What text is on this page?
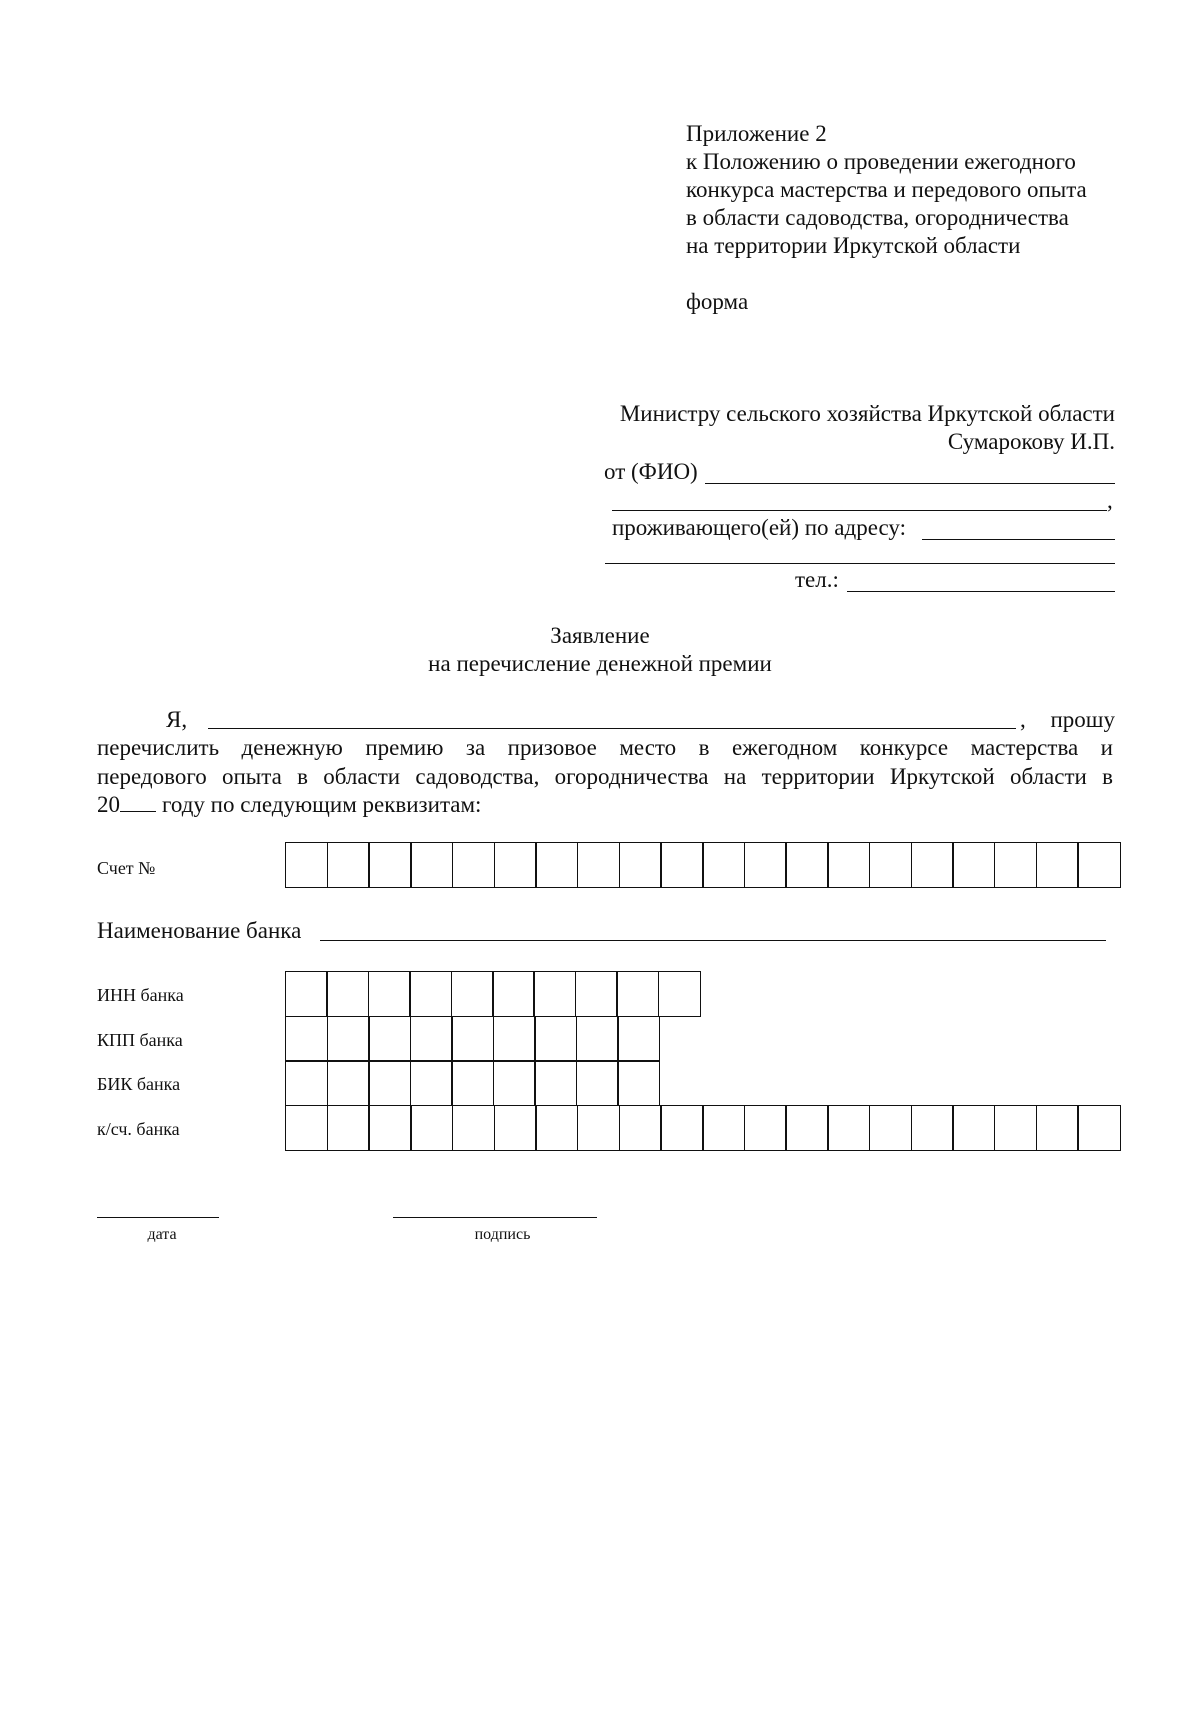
Приложение 2
к Положению о проведении ежегодного
конкурса мастерства и передового опыта
в области садоводства, огородничества
на территории Иркутской области
форма
Министру сельского хозяйства Иркутской области
Сумарокову И.П.
от (ФИО)
,
проживающего(ей) по адресу:
тел.:
Заявление
на перечисление денежной премии
Я,	, прошу

перечислить денежную премию за призовое место в ежегодном конкурсе мастерства и

передового опыта в области садоводства, огородничества на территории Иркутской области в

20 году по следующим реквизитам:
Счет №
Наименование банка
ИНН банка
КПП банка
БИК банка
к/сч. банка
дата	подпись
